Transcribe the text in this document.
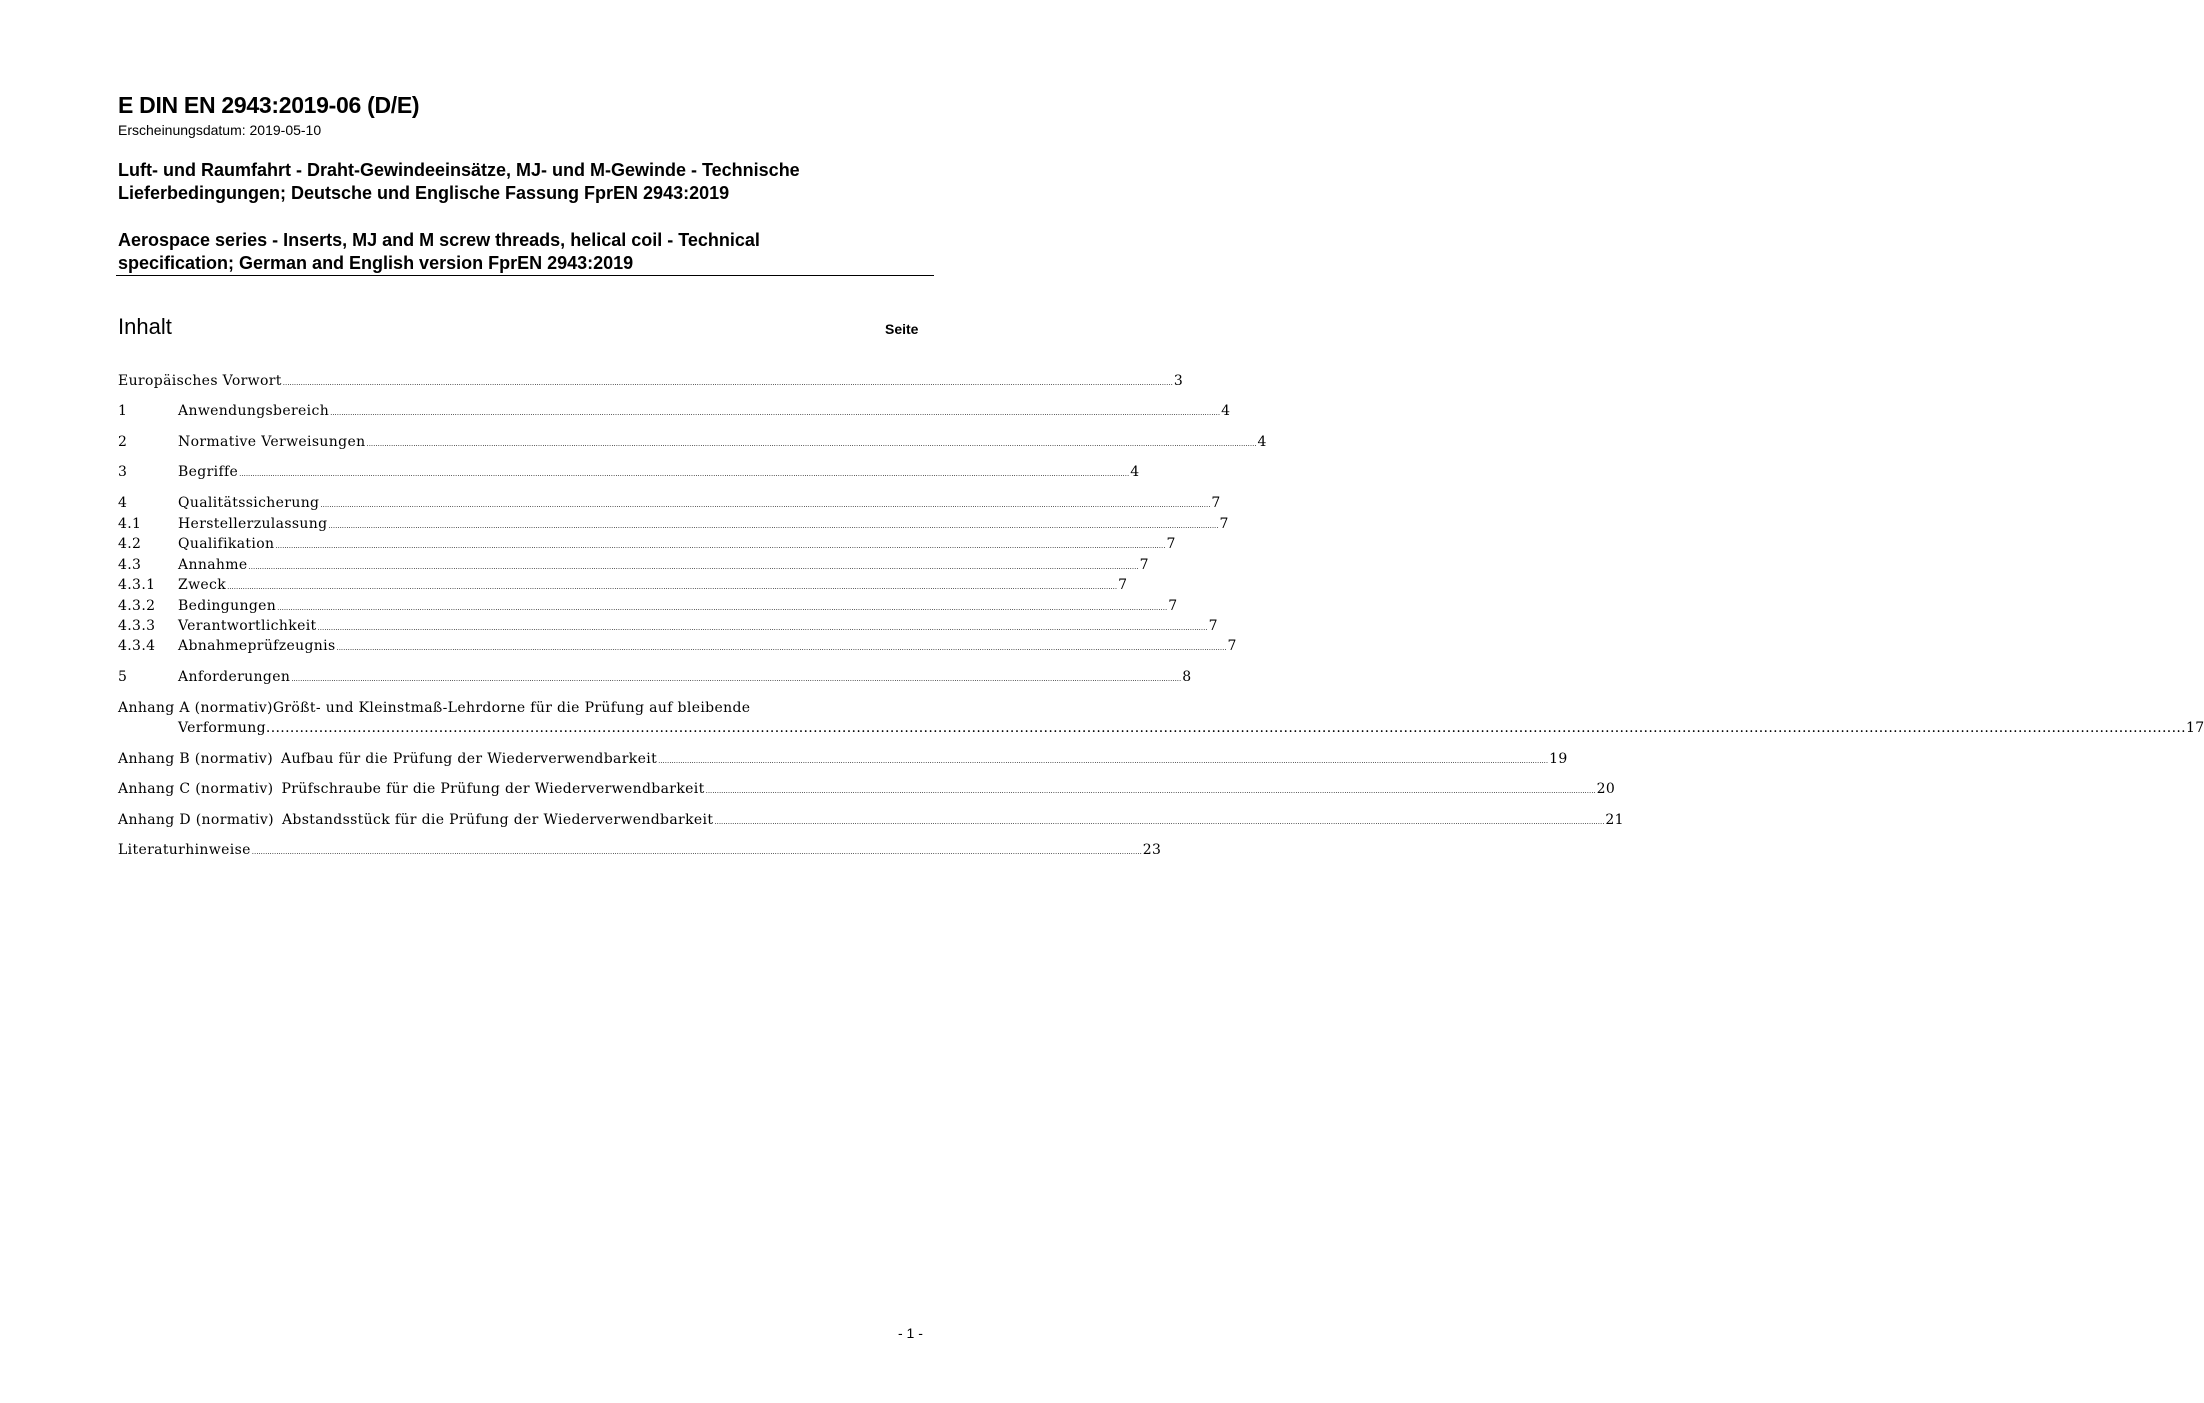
E DIN EN 2943:2019-06 (D/E)
Erscheinungsdatum: 2019-05-10
Luft- und Raumfahrt - Draht-Gewindeeinsätze, MJ- und M-Gewinde - Technische
Lieferbedingungen; Deutsche und Englische Fassung FprEN 2943:2019
Aerospace series - Inserts, MJ and M screw threads, helical coil - Technical
specification; German and English version FprEN 2943:2019
Inhalt	Seite
Europäisches Vorwort ................................................................................................................................................................................................................................................................................................................................................................................................................ 3
1	Anwendungsbereich ................................................................................................................................................................................................................................................................................................................................................................................................................ 4
2	Normative Verweisungen ................................................................................................................................................................................................................................................................................................................................................................................................................ 4
3	Begriffe ................................................................................................................................................................................................................................................................................................................................................................................................................ 4
4	Qualitätssicherung ................................................................................................................................................................................................................................................................................................................................................................................................................ 7
4.1	Herstellerzulassung ................................................................................................................................................................................................................................................................................................................................................................................................................ 7
4.2	Qualifikation ................................................................................................................................................................................................................................................................................................................................................................................................................ 7
4.3	Annahme ................................................................................................................................................................................................................................................................................................................................................................................................................ 7
4.3.1	Zweck ................................................................................................................................................................................................................................................................................................................................................................................................................ 7
4.3.2	Bedingungen ................................................................................................................................................................................................................................................................................................................................................................................................................ 7
4.3.3	Verantwortlichkeit ................................................................................................................................................................................................................................................................................................................................................................................................................ 7
4.3.4	Abnahmeprüfzeugnis ................................................................................................................................................................................................................................................................................................................................................................................................................ 7
5	Anforderungen ................................................................................................................................................................................................................................................................................................................................................................................................................ 8
Anhang A (normativ)Größt- und Kleinstmaß-Lehrdorne für die Prüfung auf bleibende
Verformung ................................................................................................................................................................................................................................................................................................................................................................................................................ 17
Anhang B (normativ) Aufbau für die Prüfung der Wiederverwendbarkeit ................................................................................................................................................................................................................................................................................................................................................................................................................ 19
Anhang C (normativ) Prüfschraube für die Prüfung der Wiederverwendbarkeit ................................................................................................................................................................................................................................................................................................................................................................................................................ 20
Anhang D (normativ) Abstandsstück für die Prüfung der Wiederverwendbarkeit ................................................................................................................................................................................................................................................................................................................................................................................................................ 21
Literaturhinweise ................................................................................................................................................................................................................................................................................................................................................................................................................ 23
- 1 -
